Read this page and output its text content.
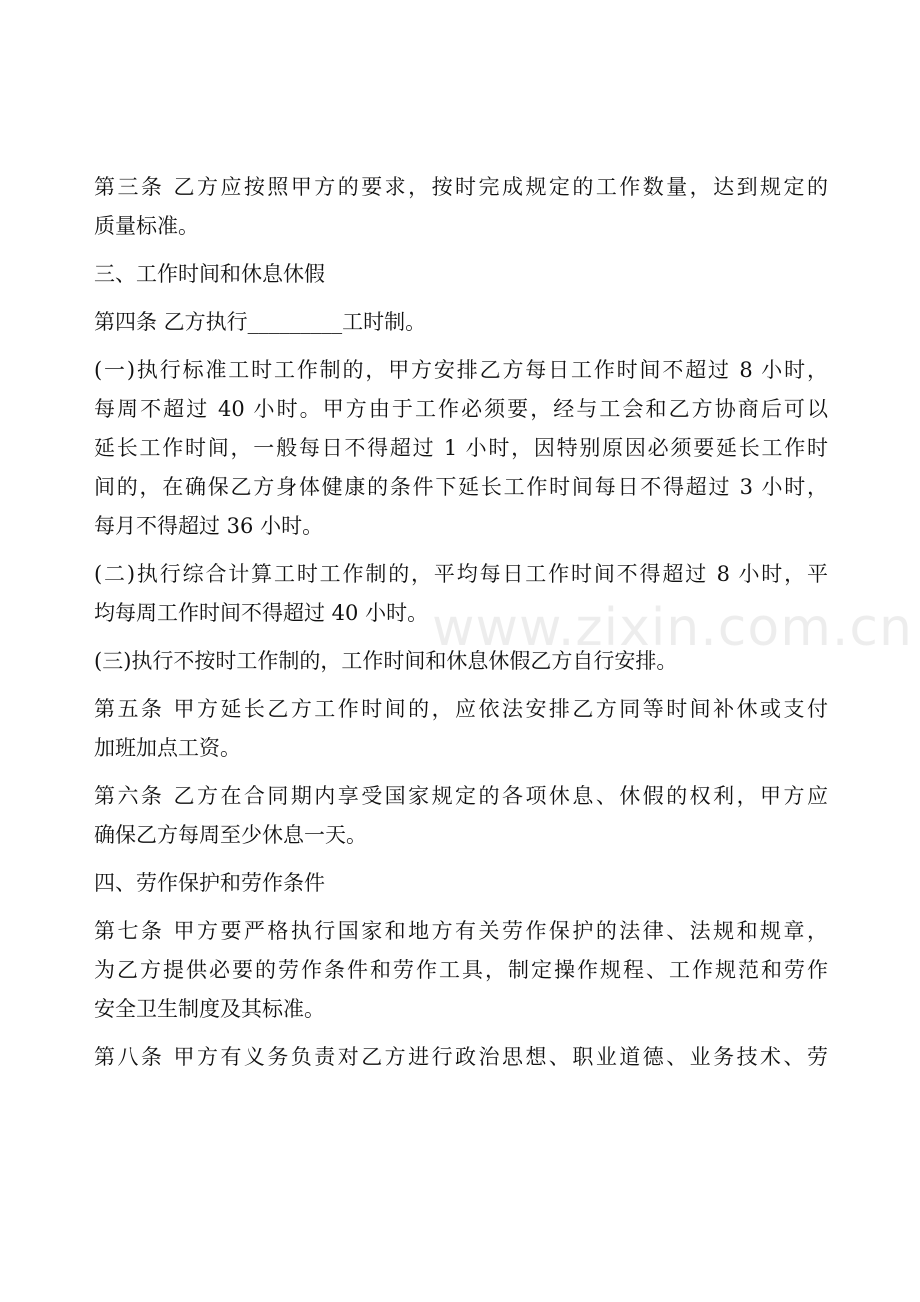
第三条 乙方应按照甲方的要求，按时完成规定的工作数量，达到规定的
质量标准。
三、工作时间和休息休假
第四条 乙方执行_________工时制。
(一)执行标准工时工作制的，甲方安排乙方每日工作时间不超过 8 小时，
每周不超过 40 小时。甲方由于工作必须要，经与工会和乙方协商后可以
延长工作时间，一般每日不得超过 1 小时，因特别原因必须要延长工作时
间的，在确保乙方身体健康的条件下延长工作时间每日不得超过 3 小时，
每月不得超过 36 小时。
(二)执行综合计算工时工作制的，平均每日工作时间不得超过 8 小时，平
均每周工作时间不得超过 40 小时。
(三)执行不按时工作制的，工作时间和休息休假乙方自行安排。
第五条 甲方延长乙方工作时间的，应依法安排乙方同等时间补休或支付
加班加点工资。
第六条 乙方在合同期内享受国家规定的各项休息、休假的权利，甲方应
确保乙方每周至少休息一天。
四、劳作保护和劳作条件
第七条 甲方要严格执行国家和地方有关劳作保护的法律、法规和规章，
为乙方提供必要的劳作条件和劳作工具，制定操作规程、工作规范和劳作
安全卫生制度及其标准。
第八条 甲方有义务负责对乙方进行政治思想、职业道德、业务技术、劳
www.zixin.com.cn
